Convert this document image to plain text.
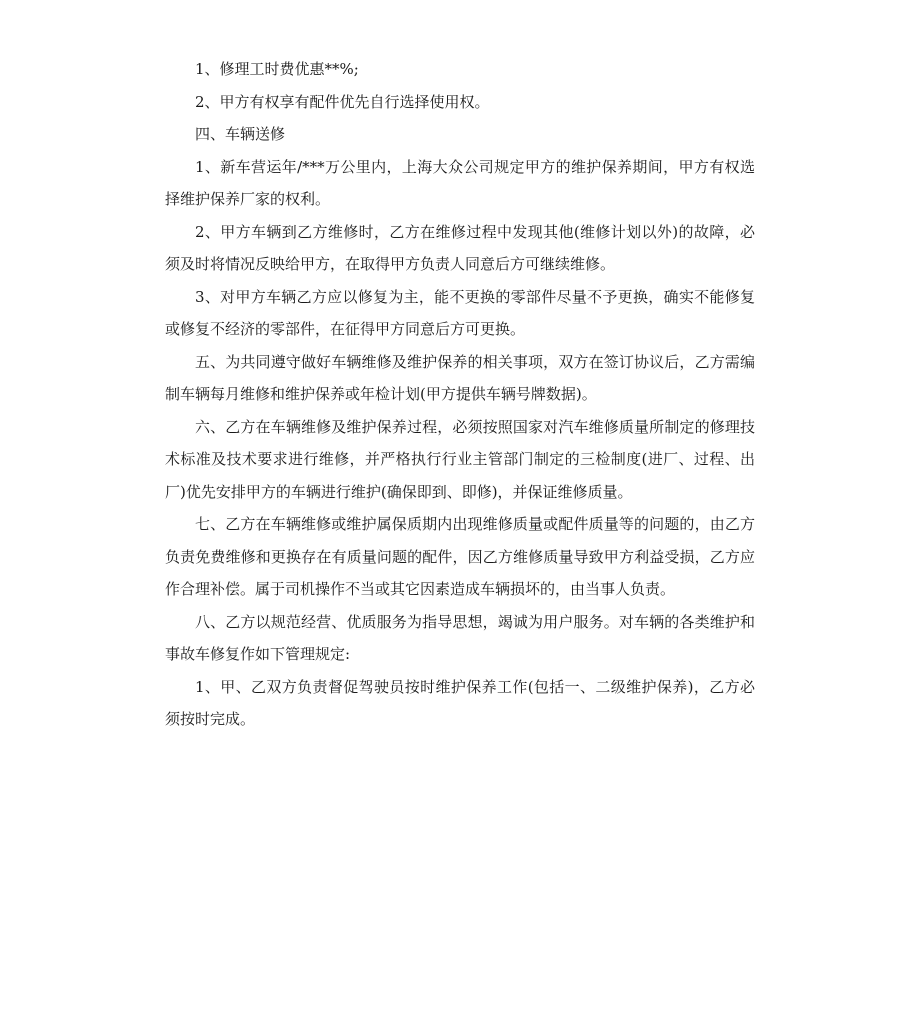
1、修理工时费优惠**%;

2、甲方有权享有配件优先自行选择使用权。

四、车辆送修

1、新车营运年/***万公里内，上海大众公司规定甲方的维护保养期间，甲方有权选择维护保养厂家的权利。

2、甲方车辆到乙方维修时，乙方在维修过程中发现其他(维修计划以外)的故障，必须及时将情况反映给甲方，在取得甲方负责人同意后方可继续维修。

3、对甲方车辆乙方应以修复为主，能不更换的零部件尽量不予更换，确实不能修复或修复不经济的零部件，在征得甲方同意后方可更换。

五、为共同遵守做好车辆维修及维护保养的相关事项，双方在签订协议后，乙方需编制车辆每月维修和维护保养或年检计划(甲方提供车辆号牌数据)。

六、乙方在车辆维修及维护保养过程，必须按照国家对汽车维修质量所制定的修理技术标准及技术要求进行维修，并严格执行行业主管部门制定的三检制度(进厂、过程、出厂)优先安排甲方的车辆进行维护(确保即到、即修)，并保证维修质量。

七、乙方在车辆维修或维护属保质期内出现维修质量或配件质量等的问题的，由乙方负责免费维修和更换存在有质量问题的配件，因乙方维修质量导致甲方利益受损，乙方应作合理补偿。属于司机操作不当或其它因素造成车辆损坏的，由当事人负责。

八、乙方以规范经营、优质服务为指导思想，竭诚为用户服务。对车辆的各类维护和事故车修复作如下管理规定:

1、甲、乙双方负责督促驾驶员按时维护保养工作(包括一、二级维护保养)，乙方必须按时完成。
